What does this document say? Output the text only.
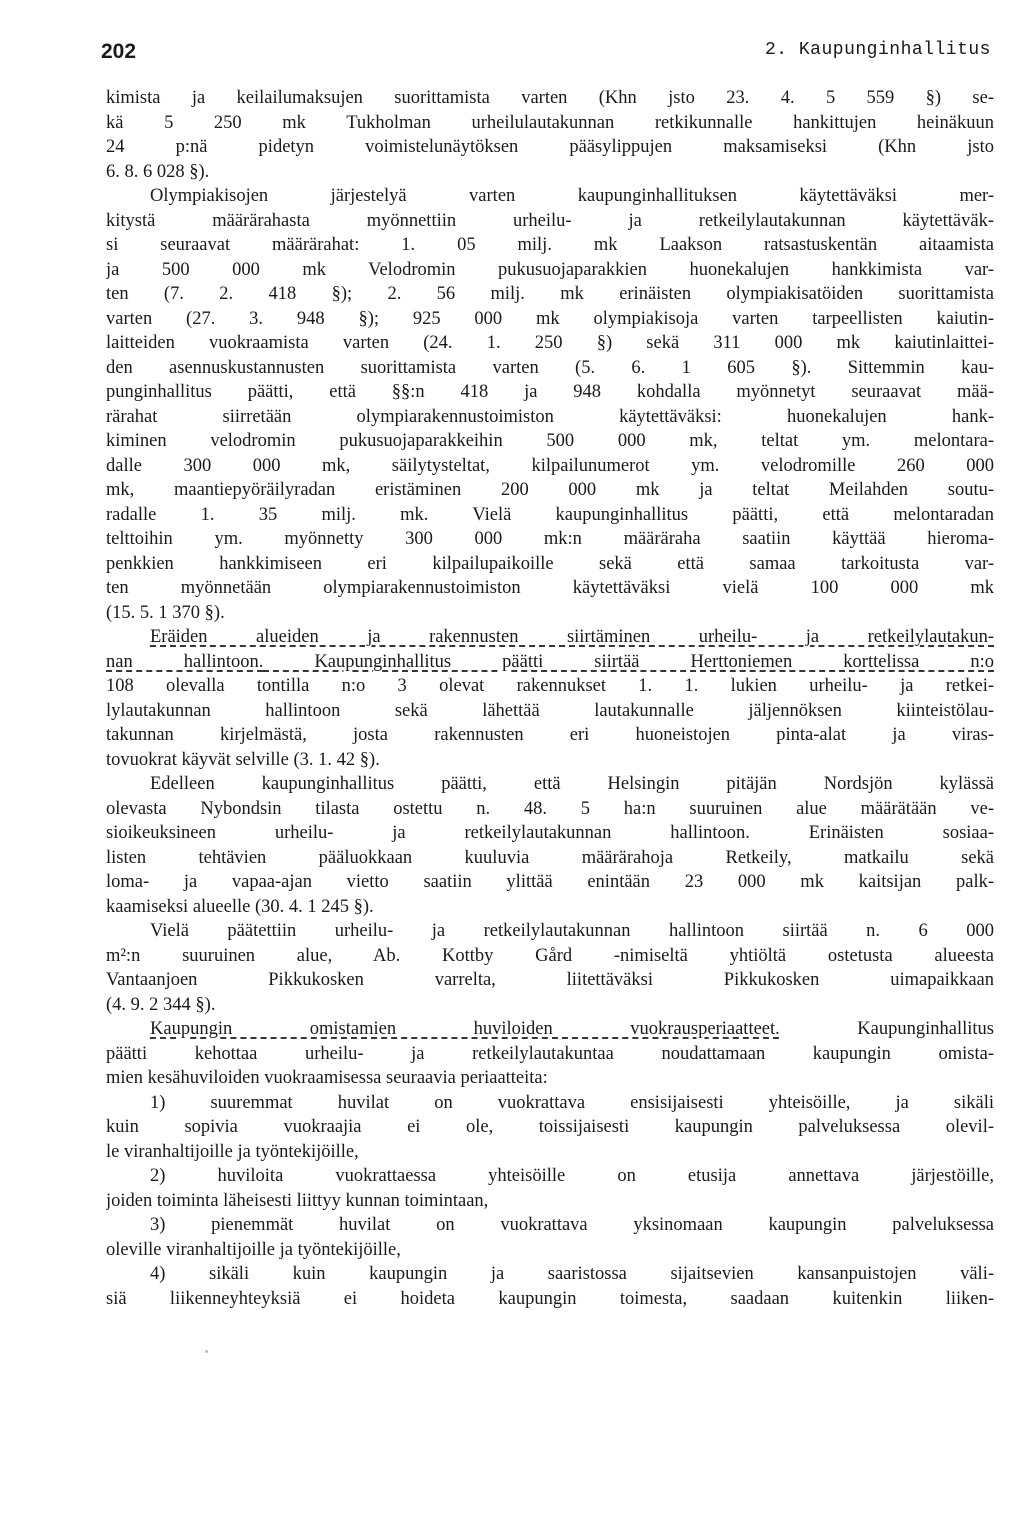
202	2. Kaupunginhallitus
kimista ja keilailumaksujen suorittamista varten (Khn jsto 23. 4. 5 559 §) se-
kä 5 250 mk Tukholman urheilulautakunnan retkikunnalle hankittujen heinäkuun
24 p:nä pidetyn voimistelunäytöksen pääsylippujen maksamiseksi (Khn jsto
6. 8. 6 028 §).
Olympiakisojen järjestelyä varten kaupunginhallituksen käytettäväksi mer-
kitystä määrärahasta myönnettiin urheilu- ja retkeilylautakunnan käytettäväk-
si seuraavat määrärahat: 1. 05 milj. mk Laakson ratsastuskentän aitaamista
ja 500 000 mk Velodromin pukusuojaparakkien huonekalujen hankkimista var-
ten (7. 2. 418 §); 2. 56 milj. mk erinäisten olympiakisatöiden suorittamista
varten (27. 3. 948 §); 925 000 mk olympiakisoja varten tarpeellisten kaiutin-
laitteiden vuokraamista varten (24. 1. 250 §) sekä 311 000 mk kaiutinlaittei-
den asennuskustannusten suorittamista varten (5. 6. 1 605 §). Sittemmin kau-
punginhallitus päätti, että §§:n 418 ja 948 kohdalla myönnetyt seuraavat mää-
rärahat siirretään olympiarakennustoimiston käytettäväksi: huonekalujen hank-
kiminen velodromin pukusuojaparakkeihin 500 000 mk, teltat ym. melontara-
dalle 300 000 mk, säilytysteltat, kilpailunumerot ym. velodromille 260 000
mk, maantiepyöräilyradan eristäminen 200 000 mk ja teltat Meilahden soutu-
radalle 1. 35 milj. mk. Vielä kaupunginhallitus päätti, että melontaradan
telttoihin ym. myönnetty 300 000 mk:n määräraha saatiin käyttää hieroma-
penkkien hankkimiseen eri kilpailupaikoille sekä että samaa tarkoitusta var-
ten myönnetään olympiarakennustoimiston käytettäväksi vielä 100 000 mk
(15. 5. 1 370 §).
Eräiden alueiden ja rakennusten siirtäminen urheilu- ja retkeilylautakun-
nan hallintoon. Kaupunginhallitus päätti siirtää Herttoniemen korttelissa n:o
108 olevalla tontilla n:o 3 olevat rakennukset 1. 1. lukien urheilu- ja retkei-
lylautakunnan hallintoon sekä lähettää lautakunnalle jäljennöksen kiinteistölau-
takunnan kirjelmästä, josta rakennusten eri huoneistojen pinta-alat ja viras-
tovuokrat käyvät selville (3. 1. 42 §).
Edelleen kaupunginhallitus päätti, että Helsingin pitäjän Nordsjön kylässä
olevasta Nybondsin tilasta ostettu n. 48. 5 ha:n suuruinen alue määrätään ve-
sioikeuksineen urheilu- ja retkeilylautakunnan hallintoon. Erinäisten sosiaa-
listen tehtävien pääluokkaan kuuluvia määrärahoja Retkeily, matkailu sekä
loma- ja vapaa-ajan vietto saatiin ylittää enintään 23 000 mk kaitsijan palk-
kaamiseksi alueelle (30. 4. 1 245 §).
Vielä päätettiin urheilu- ja retkeilylautakunnan hallintoon siirtää n. 6 000
m²:n suuruinen alue, Ab. Kottby Gård -nimiseltä yhtiöltä ostetusta alueesta
Vantaanjoen Pikkukosken varrelta, liitettäväksi Pikkukosken uimapaikkaan
(4. 9. 2 344 §).
Kaupungin omistamien huviloiden vuokrausperiaatteet. Kaupunginhallitus
päätti kehottaa urheilu- ja retkeilylautakuntaa noudattamaan kaupungin omista-
mien kesähuviloiden vuokraamisessa seuraavia periaatteita:
1) suuremmat huvilat on vuokrattava ensisijaisesti yhteisöille, ja sikäli
kuin sopivia vuokraajia ei ole, toissijaisesti kaupungin palveluksessa olevil-
le viranhaltijoille ja työntekijöille,
2) huviloita vuokrattaessa yhteisöille on etusija annettava järjestöille,
joiden toiminta läheisesti liittyy kunnan toimintaan,
3) pienemmät huvilat on vuokrattava yksinomaan kaupungin palveluksessa
oleville viranhaltijoille ja työntekijöille,
4) sikäli kuin kaupungin ja saaristossa sijaitsevien kansanpuistojen väli-
siä liikenneyhteyksiä ei hoideta kaupungin toimesta, saadaan kuitenkin liiken-
